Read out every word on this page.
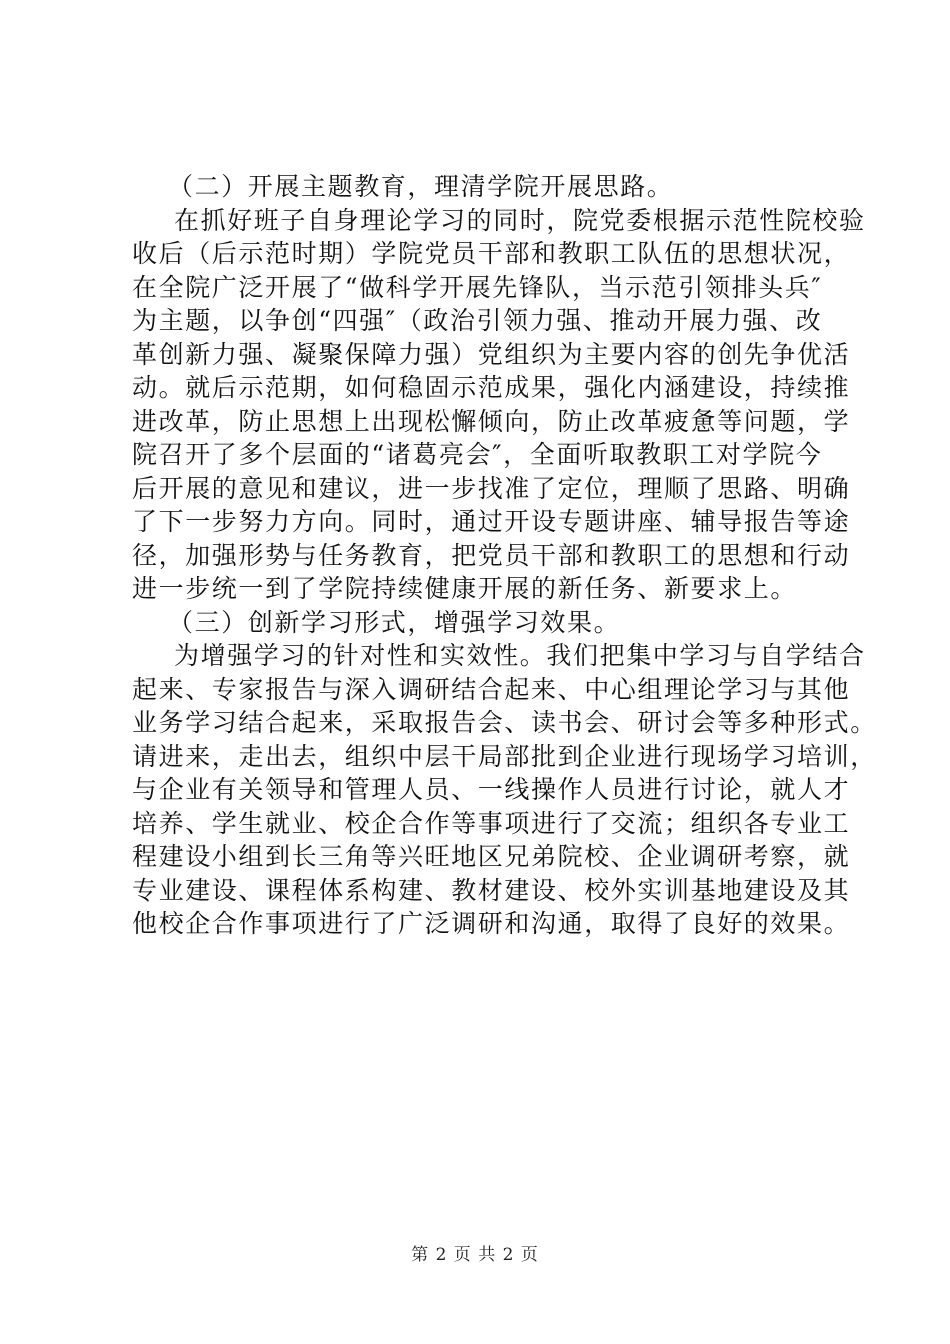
（二）开展主题教育，理清学院开展思路。
在抓好班子自身理论学习的同时，院党委根据示范性院校验
收后（后示范时期）学院党员干部和教职工队伍的思想状况，
在全院广泛开展了“做科学开展先锋队，当示范引领排头兵″
为主题，以争创“四强″（政治引领力强、推动开展力强、改
革创新力强、凝聚保障力强）党组织为主要内容的创先争优活
动。就后示范期，如何稳固示范成果，强化内涵建设，持续推
进改革，防止思想上出现松懈倾向，防止改革疲惫等问题，学
院召开了多个层面的“诸葛亮会″，全面听取教职工对学院今
后开展的意见和建议，进一步找准了定位，理顺了思路、明确
了下一步努力方向。同时，通过开设专题讲座、辅导报告等途
径，加强形势与任务教育，把党员干部和教职工的思想和行动
进一步统一到了学院持续健康开展的新任务、新要求上。
（三）创新学习形式，增强学习效果。
为增强学习的针对性和实效性。我们把集中学习与自学结合
起来、专家报告与深入调研结合起来、中心组理论学习与其他
业务学习结合起来，采取报告会、读书会、研讨会等多种形式。
请进来，走出去，组织中层干局部批到企业进行现场学习培训，
与企业有关领导和管理人员、一线操作人员进行讨论，就人才
培养、学生就业、校企合作等事项进行了交流；组织各专业工
程建设小组到长三角等兴旺地区兄弟院校、企业调研考察，就
专业建设、课程体系构建、教材建设、校外实训基地建设及其
他校企合作事项进行了广泛调研和沟通，取得了良好的效果。
第 2 页 共 2 页
